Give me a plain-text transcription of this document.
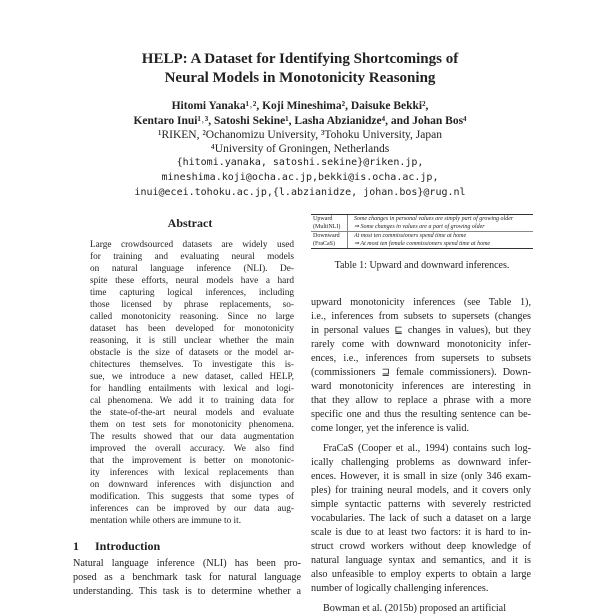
HELP: A Dataset for Identifying Shortcomings of
Neural Models in Monotonicity Reasoning
Hitomi Yanaka¹˒², Koji Mineshima², Daisuke Bekki²,
Kentaro Inui¹˒³, Satoshi Sekine¹, Lasha Abzianidze⁴, and Johan Bos⁴
¹RIKEN, ²Ochanomizu University, ³Tohoku University, Japan
⁴University of Groningen, Netherlands
{hitomi.yanaka, satoshi.sekine}@riken.jp,
mineshima.koji@ocha.ac.jp,bekki@is.ocha.ac.jp,
inui@ecei.tohoku.ac.jp,{l.abzianidze, johan.bos}@rug.nl
Abstract
Large crowdsourced datasets are widely used
for training and evaluating neural models
on natural language inference (NLI). De-
spite these efforts, neural models have a hard
time capturing logical inferences, including
those licensed by phrase replacements, so-
called monotonicity reasoning. Since no large
dataset has been developed for monotonicity
reasoning, it is still unclear whether the main
obstacle is the size of datasets or the model ar-
chitectures themselves. To investigate this is-
sue, we introduce a new dataset, called HELP,
for handling entailments with lexical and logi-
cal phenomena. We add it to training data for
the state-of-the-art neural models and evaluate
them on test sets for monotonicity phenomena.
The results showed that our data augmentation
improved the overall accuracy. We also find
that the improvement is better on monotonic-
ity inferences with lexical replacements than
on downward inferences with disjunction and
modification. This suggests that some types of
inferences can be improved by our data aug-
mentation while others are immune to it.
1 Introduction
Natural language inference (NLI) has been pro-
posed as a benchmark task for natural language
understanding. This task is to determine whether a
Upward	Some changes in personal values are simply part of growing older
(MultiNLI)	⇒ Some changes in values are a part of growing older
Downward	At most ten commissioners spend time at home
(FraCaS)	⇒ At most ten female commissioners spend time at home
Table 1: Upward and downward inferences.
upward monotonicity inferences (see Table 1),
i.e., inferences from subsets to supersets (changes
in personal values ⊑ changes in values), but they
rarely come with downward monotonicity infer-
ences, i.e., inferences from supersets to subsets
(commissioners ⊒ female commissioners). Down-
ward monotonicity inferences are interesting in
that they allow to replace a phrase with a more
specific one and thus the resulting sentence can be-
come longer, yet the inference is valid.
FraCaS (Cooper et al., 1994) contains such log-
ically challenging problems as downward infer-
ences. However, it is small in size (only 346 exam-
ples) for training neural models, and it covers only
simple syntactic patterns with severely restricted
vocabularies. The lack of such a dataset on a large
scale is due to at least two factors: it is hard to in-
struct crowd workers without deep knowledge of
natural language syntax and semantics, and it is
also unfeasible to employ experts to obtain a large
number of logically challenging inferences.
Bowman et al. (2015b) proposed an artificial
